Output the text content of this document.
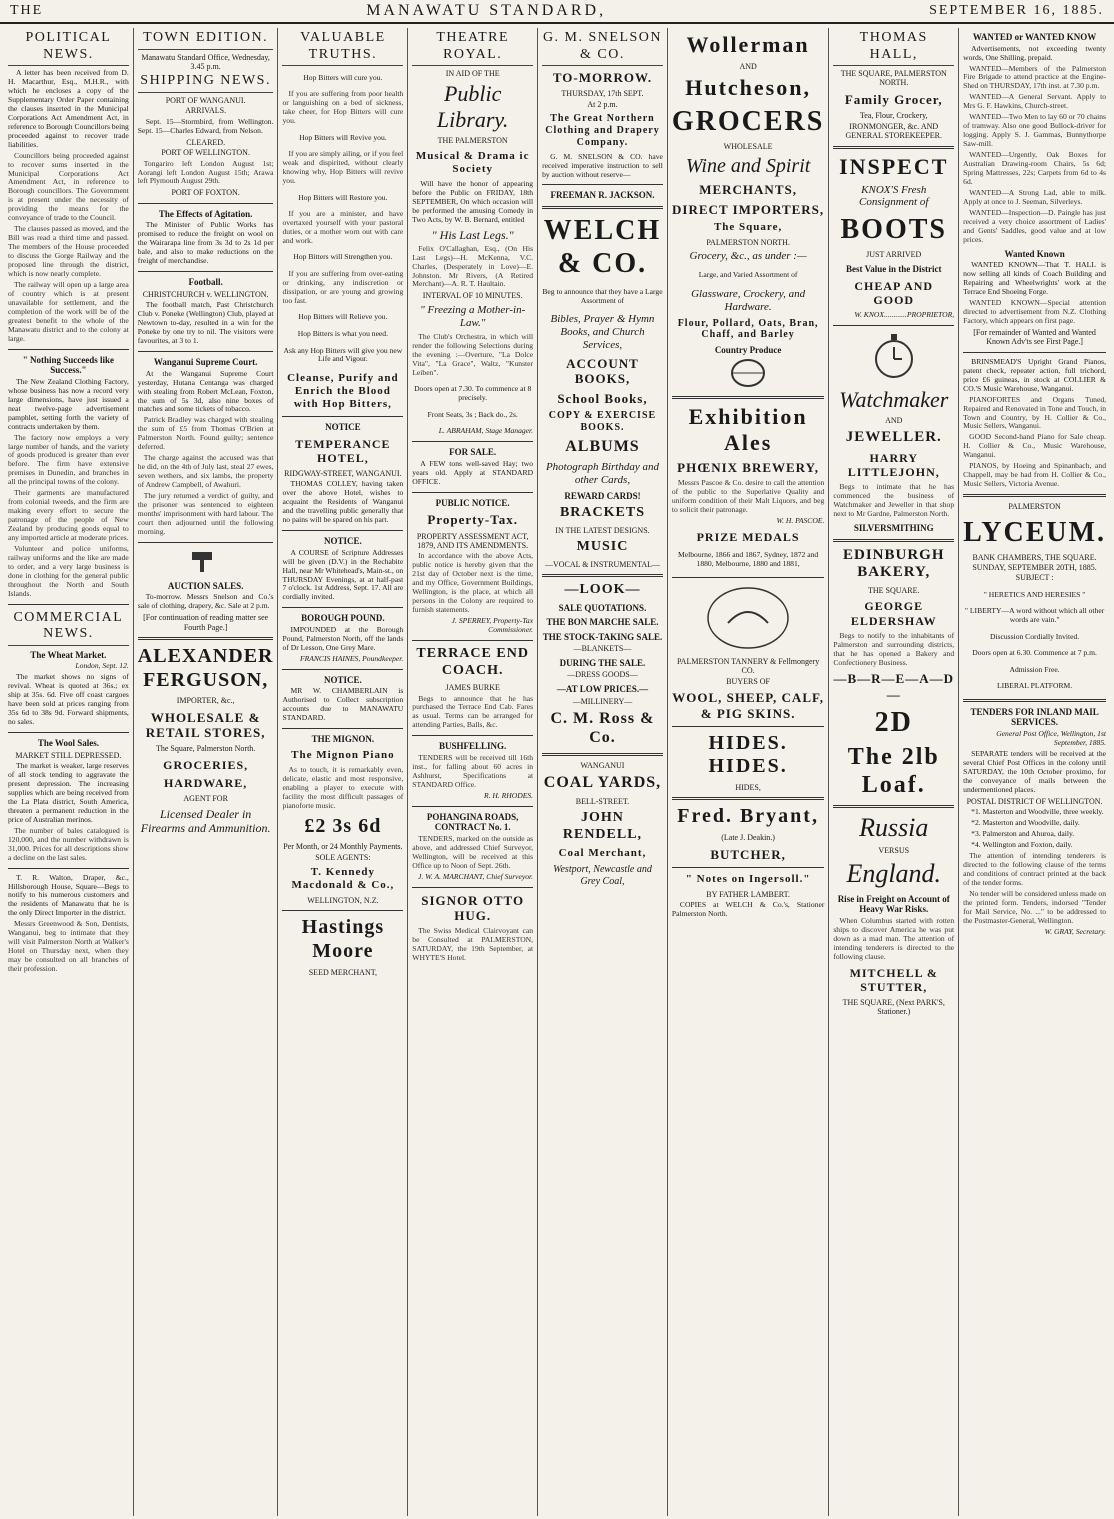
THE	MANAWATU STANDARD,	SEPTEMBER 16, 1885.
POLITICAL NEWS.

A letter has been received from D. H. Macarthur, Esq., M.H.R., with which he encloses a copy of the Supplementary Order Paper containing the clauses inserted in the Municipal Corporations Act Amendment Act, in reference to Borough Councillors being proceeded against to recover trade liabilities.

Councillors being proceeded against to recover sums inserted in the Municipal Corporations Act Amendment Act, in reference to Borough councillors. The Government is at present under the necessity of providing the means for the conveyance of trade to the Council.

The clauses passed as moved, and the Bill was read a third time and passed. The members of the House proceeded to discuss the Gorge Railway and the proposed line through the district, which is now nearly complete.

The railway will open up a large area of country which is at present unavailable for settlement, and the completion of the work will be of the greatest benefit to the whole of the Manawatu district and to the colony at large.

" Nothing Succeeds like Success."

The New Zealand Clothing Factory, whose business has now a record very large dimensions, have just issued a neat twelve-page advertisement pamphlet, setting forth the variety of contracts undertaken by them.

The factory now employs a very large number of hands, and the variety of goods produced is greater than ever before. The firm have extensive premises in Dunedin, and branches in all the principal towns of the colony.

Their garments are manufactured from colonial tweeds, and the firm are making every effort to secure the patronage of the people of New Zealand by producing goods equal to any imported article at moderate prices.

Volunteer and police uniforms, railway uniforms and the like are made to order, and a very large business is done in clothing for the general public throughout the North and South Islands.

COMMERCIAL NEWS.
The Wheat Market.

London, Sept. 12.

The market shows no signs of revival. Wheat is quoted at 36s.; ex ship at 35s. 6d. Five off coast cargoes have been sold at prices ranging from 35s 6d to 38s 9d. Forward shipments, no sales.

The Wool Sales.

MARKET STILL DEPRESSED.

The market is weaker, large reserves of all stock tending to aggravate the present depression. The increasing supplies which are being received from the La Plata district, South America, threaten a permanent reduction in the price of Australian merinos.

The number of bales catalogued is 120,000, and the number withdrawn is 31,000. Prices for all descriptions show a decline on the last sales.

T. R. Walton, Draper, &c., Hillsborough House, Square—Begs to notify to his numerous customers and the residents of Manawatu that he is the only Direct Importer in the district.

Messrs Greenwood & Son, Dentists, Wanganui, beg to intimate that they will visit Palmerston North at Walker's Hotel on Thursday next, when they may be consulted on all branches of their profession.

TOWN EDITION.

Manawatu Standard Office, Wednesday, 3.45 p.m.

SHIPPING NEWS.

PORT OF WANGANUI.

ARRIVALS.

Sept. 15—Stormbird, from Wellington. Sept. 15—Charles Edward, from Nelson.

CLEARED.

PORT OF WELLINGTON.

Tongariro left London August 1st; Aorangi left London August 15th; Arawa left Plymouth August 29th.

PORT OF FOXTON.

The Effects of Agitation.

The Minister of Public Works has promised to reduce the freight on wool on the Wairarapa line from 3s 3d to 2s 1d per bale, and also to make reductions on the freight of merchandise.

Football.

CHRISTCHURCH v. WELLINGTON.

The football match, Past Christchurch Club v. Poneke (Wellington) Club, played at Newtown to-day, resulted in a win for the Poneke by one try to nil. The visitors were favourites, at 3 to 1.

Wanganui Supreme Court.

At the Wanganui Supreme Court yesterday, Hutana Centanga was charged with stealing from Robert McLean, Foxton, the sum of 5s 3d, also nine boxes of matches and some tickets of tobacco.

Patrick Bradley was charged with stealing the sum of £5 from Thomas O'Brien at Palmerston North. Found guilty; sentence deferred.

The charge against the accused was that he did, on the 4th of July last, steal 27 ewes, seven wethers, and six lambs, the property of Andrew Campbell, of Awahuri.

The jury returned a verdict of guilty, and the prisoner was sentenced to eighteen months' imprisonment with hard labour. The court then adjourned until the following morning.

AUCTION SALES.

To-morrow. Messrs Snelson and Co.'s sale of clothing, drapery, &c. Sale at 2 p.m.

[For continuation of reading matter see Fourth Page.]

ALEXANDER FERGUSON,
IMPORTER, &c.,
WHOLESALE & RETAIL STORES,

The Square, Palmerston North.

GROCERIES,
HARDWARE,

AGENT FOR

Licensed Dealer in Firearms and Ammunition.

VALUABLE TRUTHS.

Hop Bitters will cure you.

If you are suffering from poor health or languishing on a bed of sickness, take cheer, for Hop Bitters will cure you.

Hop Bitters will Revive you.

If you are simply ailing, or if you feel weak and dispirited, without clearly knowing why, Hop Bitters will revive you.

Hop Bitters will Restore you.

If you are a minister, and have overtaxed yourself with your pastoral duties, or a mother worn out with care and work.

Hop Bitters will Strengthen you.

If you are suffering from over-eating or drinking, any indiscretion or dissipation, or are young and growing too fast.

Hop Bitters will Relieve you.

Hop Bitters is what you need.

Ask any Hop Bitters will give you new Life and Vigour.

Cleanse, Purify and Enrich the Blood with Hop Bitters,

NOTICE
TEMPERANCE HOTEL,

RIDGWAY-STREET, WANGANUI.

THOMAS COLLEY, having taken over the above Hotel, wishes to acquaint the Residents of Wanganui and the travelling public generally that no pains will be spared on his part.

NOTICE.

A COURSE of Scripture Addresses will be given (D.V.) in the Rechabite Hall, near Mr Whitehead's, Main-st., on THURSDAY Evenings, at at half-past 7 o'clock. 1st Address, Sept. 17. All are cordially invited.

BOROUGH POUND.

IMPOUNDED at the Borough Pound, Palmerston North, off the lands of Dr Lesson, One Grey Mare.

FRANCIS HAINES, Poundkeeper.

NOTICE.

MR W. CHAMBERLAIN is Authorised to Collect subscription accounts due to MANAWATU STANDARD.

THE MIGNON.
The Mignon Piano

As to touch, it is remarkably even, delicate, elastic and most responsive, enabling a player to execute with facility the most difficult passages of pianoforte music.

£2 3s 6d

Per Month, or 24 Monthly Payments.

SOLE AGENTS:

T. Kennedy Macdonald & Co.,

WELLINGTON, N.Z.

Hastings Moore
SEED MERCHANT,
THEATRE ROYAL.

IN AID OF THE

Public Library.

THE PALMERSTON

Musical & Drama ic Society

Will have the honor of appearing before the Public on FRIDAY, 18th SEPTEMBER, On which occasion will be performed the amusing Comedy in Two Acts, by W. B. Bernard, entitled

" His Last Legs."

Felix O'Callaghan, Esq., (On His Last Legs)—H. McKenna, V.C. Charles, (Desperately in Love)—E. Johnston. Mr Rivers, (A Retired Merchant)—A. R. T. Haultain.

INTERVAL OF 10 MINUTES.

" Freezing a Mother-in-Law."

The Club's Orchestra, in which will render the following Selections during the evening :—Overture, "La Dolce Vita", "La Grace", Waltz, "Kunster Leiben".

Doors open at 7.30. To commence at 8 precisely.

Front Seats, 3s ; Back do., 2s.

L. ABRAHAM, Stage Manager.

FOR SALE.

A FEW tons well-saved Hay; two years old. Apply at STANDARD OFFICE.

PUBLIC NOTICE.
Property-Tax.

PROPERTY ASSESSMENT ACT, 1879, AND ITS AMENDMENTS.

In accordance with the above Acts, public notice is hereby given that the 21st day of October next is the time, and my Office, Government Buildings, Wellington, is the place, at which all persons in the Colony are required to furnish statements.

J. SPERREY, Property-Tax Commissioner.

TERRACE END COACH.

JAMES BURKE

Begs to announce that he has purchased the Terrace End Cab. Fares as usual. Terms can be arranged for attending Parties, Balls, &c.

BUSHFELLING.

TENDERS will be received till 16th inst., for falling about 60 acres in Ashhurst, Specifications at STANDARD Office.

R. H. RHODES.

POHANGINA ROADS, CONTRACT No. 1.

TENDERS, marked on the outside as above, and addressed Chief Surveyor, Wellington, will be received at this Office up to Noon of Sept. 26th.

J. W. A. MARCHANT, Chief Surveyor.

SIGNOR OTTO HUG.

The Swiss Medical Clairvoyant can be Consulted at PALMERSTON, SATURDAY, the 19th September, at WHYTE'S Hotel.

G. M. SNELSON & CO.
TO-MORROW.

THURSDAY, 17th SEPT.

At 2 p.m.

The Great Northern Clothing and Drapery Company.

G. M. SNELSON & CO. have received imperative instruction to sell by auction without reserve—

FREEMAN R. JACKSON.
WELCH & CO.

Beg to announce that they have a Large Assortment of

Bibles, Prayer & Hymn Books, and Church Services,
ACCOUNT BOOKS,
School Books,
COPY & EXERCISE BOOKS.
ALBUMS
Photograph Birthday and other Cards,
REWARD CARDS!
BRACKETS

IN THE LATEST DESIGNS.

MUSIC

—VOCAL & INSTRUMENTAL—

—LOOK—
SALE QUOTATIONS.
THE BON MARCHE SALE.
THE STOCK-TAKING SALE.

—BLANKETS—

DURING THE SALE.

—DRESS GOODS—

—AT LOW PRICES.—

—MILLINERY—

C. M. Ross & Co.

WANGANUI

COAL YARDS,

BELL-STREET.

JOHN RENDELL,
Coal Merchant,
Westport, Newcastle and Grey Coal,
Wollerman

AND

Hutcheson,
GROCERS

WHOLESALE

Wine and Spirit
MERCHANTS,
DIRECT IMPORTERS,
The Square,

PALMERSTON NORTH.

Grocery, &c., as under :—

Large, and Varied Assortment of

Glassware, Crockery, and Hardware.
Flour, Pollard, Oats, Bran, Chaff, and Barley
Country Produce
Exhibition Ales
PHŒNIX BREWERY,

Messrs Pascoe & Co. desire to call the attention of the public to the Superlative Quality and uniform condition of their Malt Liquors, and beg to solicit their patronage.

W. H. PASCOE.

PRIZE MEDALS

Melbourne, 1866 and 1867, Sydney, 1872 and 1880, Melbourne, 1880 and 1881,

PALMERSTON TANNERY & Fellmongery CO.

BUYERS OF

WOOL, SHEEP, CALF, & PIG SKINS.
HIDES. HIDES.

HIDES,

Fred. Bryant,

(Late J. Deakin.)

BUTCHER,
" Notes on Ingersoll."

BY FATHER LAMBERT.

COPIES at WELCH & Co.'s, Stationer Palmerston North.

THOMAS HALL,

THE SQUARE, PALMERSTON NORTH.

Family Grocer,

Tea, Flour, Crockery,

IRONMONGER, &c. AND GENERAL STOREKEEPER.

INSPECT
KNOX'S Fresh Consignment of
BOOTS

JUST ARRIVED

Best Value in the District
CHEAP AND GOOD

W. KNOX............PROPRIETOR,

Watchmaker

AND

JEWELLER.
HARRY LITTLEJOHN,

Begs to intimate that he has commenced the business of Watchmaker and Jeweller in that shop next to Mr Gardne, Palmerston North.

SILVERSMITHING
EDINBURGH BAKERY,

THE SQUARE.

GEORGE ELDERSHAW

Begs to notify to the inhabitants of Palmerston and surrounding districts, that he has opened a Bakery and Confectionery Business.

—B—R—E—A—D—
2D
The 2lb Loaf.
Russia

VERSUS

England.
Rise in Freight on Account of Heavy War Risks.

When Columbus started with rotten ships to discover America he was put down as a mad man. The attention of intending tenderers is directed to the following clause.

MITCHELL & STUTTER,

THE SQUARE, (Next PARK'S, Stationer.)

WANTED or WANTED KNOW

Advertisements, not exceeding twenty words, One Shilling, prepaid.

WANTED—Members of the Palmerston Fire Brigade to attend practice at the Engine-Shed on THURSDAY, 17th inst. at 7.30 p.m.

WANTED—A General Servant. Apply to Mrs G. F. Hawkins, Church-street.

WANTED—Two Men to lay 60 or 70 chains of tramway. Also one good Bullock-driver for logging. Apply S. J. Gammas, Bunnythorpe Saw-mill.

WANTED—Urgently, Oak Boxes for Australian Drawing-room Chairs, 5s 6d; Spring Mattresses, 22s; Carpets from 6d to 4s 6d.

WANTED—A Strong Lad, able to milk. Apply at once to J. Seeman, Silverleys.

WANTED—Inspection—D. Paingle has just received a very choice assortment of Ladies' and Gents' Saddles, good value and at low prices.

Wanted Known

WANTED KNOWN—That T. HALL is now selling all kinds of Coach Building and Repairing and Wheelwrights' work at the Terrace End Shoeing Forge.

WANTED KNOWN—Special attention directed to advertisement from N.Z. Clothing Factory, which appears on first page.

[For remainder of Wanted and Wanted Known Adv'ts see First Page.]

BRINSMEAD'S Upright Grand Pianos, patent check, repeater action, full trichord, price £6 guineas, in stock at COLLIER & CO.'S Music Warehouse, Wanganui.

PIANOFORTES and Organs Tuned, Repaired and Renovated in Tone and Touch, in Town and Country, by H. Collier & Co., Music Sellers, Wanganui.

GOOD Second-hand Piano for Sale cheap. H. Collier & Co., Music Warehouse, Wanganui.

PIANOS, by Hoeing and Spinanbach, and Chappell, may be had from H. Collier & Co., Music Sellers, Victoria Avenue.

PALMERSTON

LYCEUM.

BANK CHAMBERS, THE SQUARE.

SUNDAY, SEPTEMBER 20TH, 1885.

SUBJECT :

" HERETICS AND HERESIES "

" LIBERTY—A word without which all other words are vain."

Discussion Cordially Invited.

Doors open at 6.30. Commence at 7 p.m.

Admission Free.

LIBERAL PLATFORM.

TENDERS FOR INLAND MAIL SERVICES.

General Post Office, Wellington, 1st September, 1885.

SEPARATE tenders will be received at the several Chief Post Offices in the colony until SATURDAY, the 10th October proximo, for the conveyance of mails between the undermentioned places.

POSTAL DISTRICT OF WELLINGTON.

*1. Masterton and Woodville, three weekly.

*2. Masterton and Woodville, daily.

*3. Palmerston and Ahuroa, daily.

*4. Wellington and Foxton, daily.

The attention of intending tenderers is directed to the following clause of the terms and conditions of contract printed at the back of the tender forms.

No tender will be considered unless made on the printed form. Tenders, indorsed "Tender for Mail Service, No. ..." to be addressed to the Postmaster-General, Wellington.

W. GRAY, Secretary.
